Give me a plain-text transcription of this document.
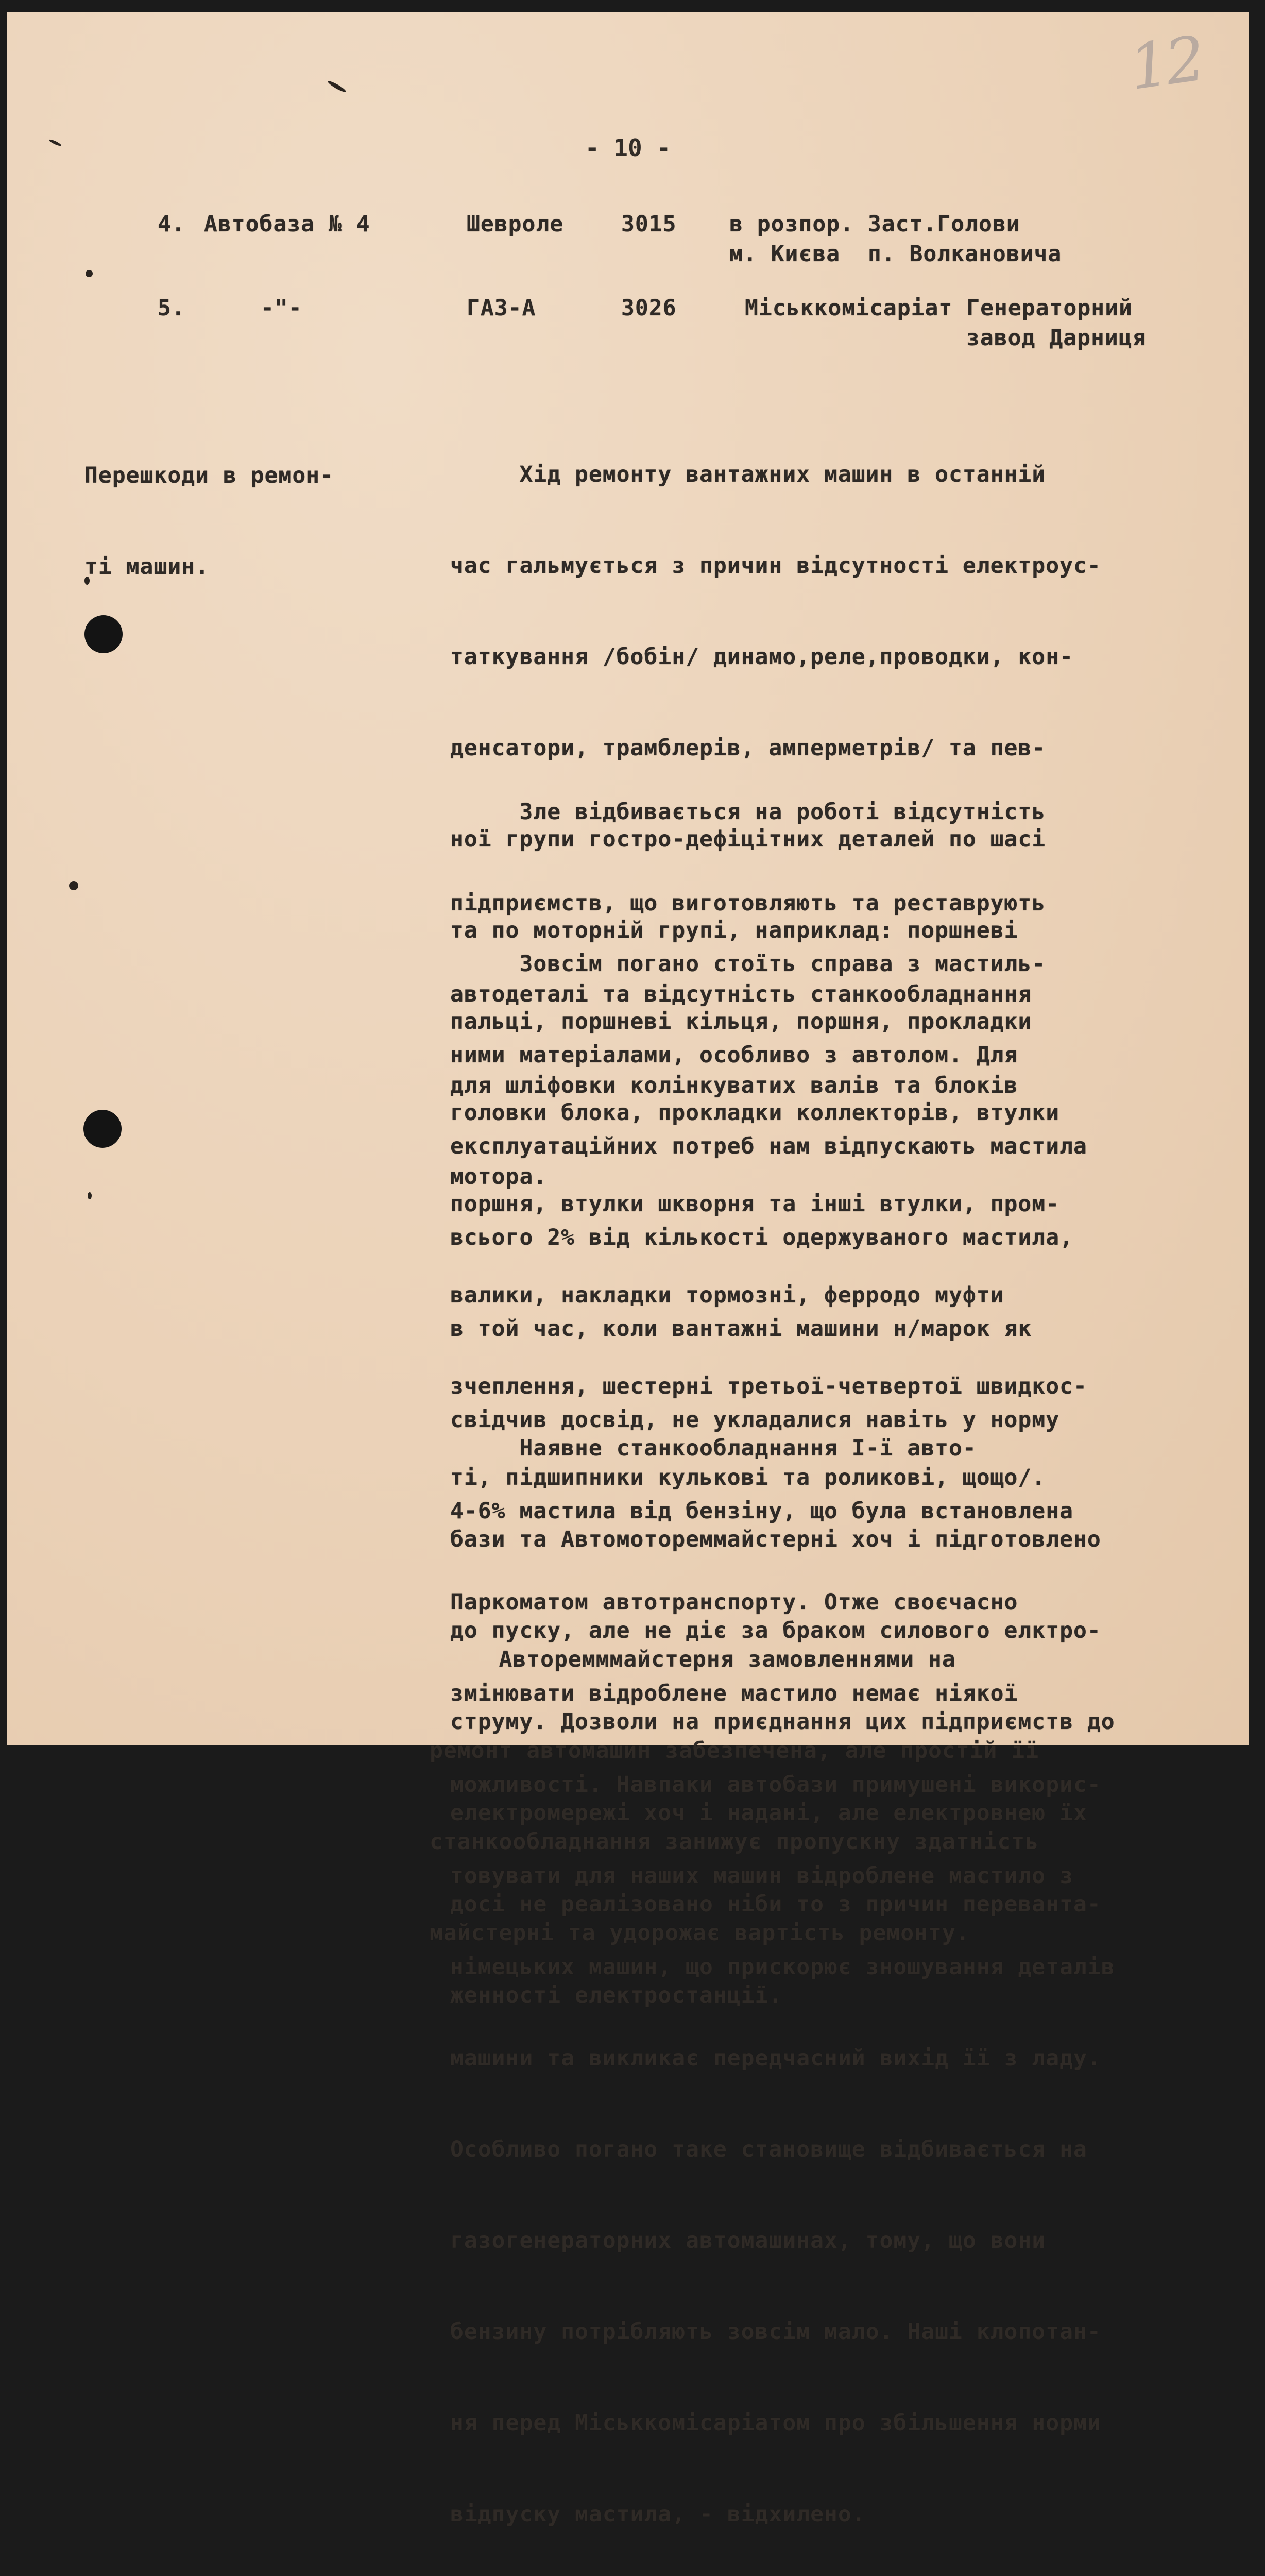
12
- 10 -
4. Автобаза № 4	Шевроле	3015 в розпор. Заст.Голови
м. Києва  п. Волкановича
5.	-"-	ГАЗ-А	3026	Міськкомісаріат Генераторний
завод Дарниця

Перешкоди в ремон-

ті машин.

Хід ремонту вантажних машин в останній

час гальмується з причин відсутності електроус-

таткування /бобін/ динамо,реле,проводки, кон-

денсатори, трамблерів, амперметрів/ та пев-

ної групи гостро-дефіцітних деталей по шасі

та по моторній групі, наприклад: поршневі

пальці, поршневі кільця, поршня, прокладки

головки блока, прокладки коллекторів, втулки

поршня, втулки шкворня та інші втулки, пром-

валики, накладки тормозні, ферродо муфти

зчеплення, шестерні третьої-четвертої швидкос-

ті, підшипники кулькові та роликові, щощо/.

Зле відбивається на роботі відсутність

підприємств, що виготовляють та реставрують

автодеталі та відсутність станкообладнання

для шліфовки колінкуватих валів та блоків

мотора.

Зовсім погано стоїть справа з мастиль-

ними матеріалами, особливо з автолом. Для

експлуатаційних потреб нам відпускають мастила

всього 2% від кількості одержуваного мастила,

в той час, коли вантажні машини н/марок як

свідчив досвід, не укладалися навіть у норму

4-6% мастила від бензіну, що була встановлена

Паркоматом автотранспорту. Отже своєчасно

змінювати відроблене мастило немає ніякої

можливості. Навпаки автобази примушені викорис-

товувати для наших машин відроблене мастило з

німецьких машин, що прискорює зношування деталів

машини та викликає передчасний вихід її з ладу.

Особливо погано таке становище відбивається на

газогенераторних автомашинах, тому, що вони

бензину потрібляють зовсім мало. Наші клопотан-

ня перед Міськкомісаріатом про збільшення норми

відпуску мастила, - відхилено.

Наявне станкообладнання І-ї авто-

бази та Автомотореммайстерні хоч і підготовлено

до пуску, але не діє за браком силового елктро-

струму. Дозволи на приєднання цих підприємств до

електромережі хоч і надані, але електровнею їх

досі не реалізовано ніби то з причин переванта-

женності електростанції.

Авторемммайстерня замовленнями на

ремонт автомашин забезпечена, але простій її

станкообладнання занижує пропускну здатність

майстерні та удорожає вартість ремонту.
